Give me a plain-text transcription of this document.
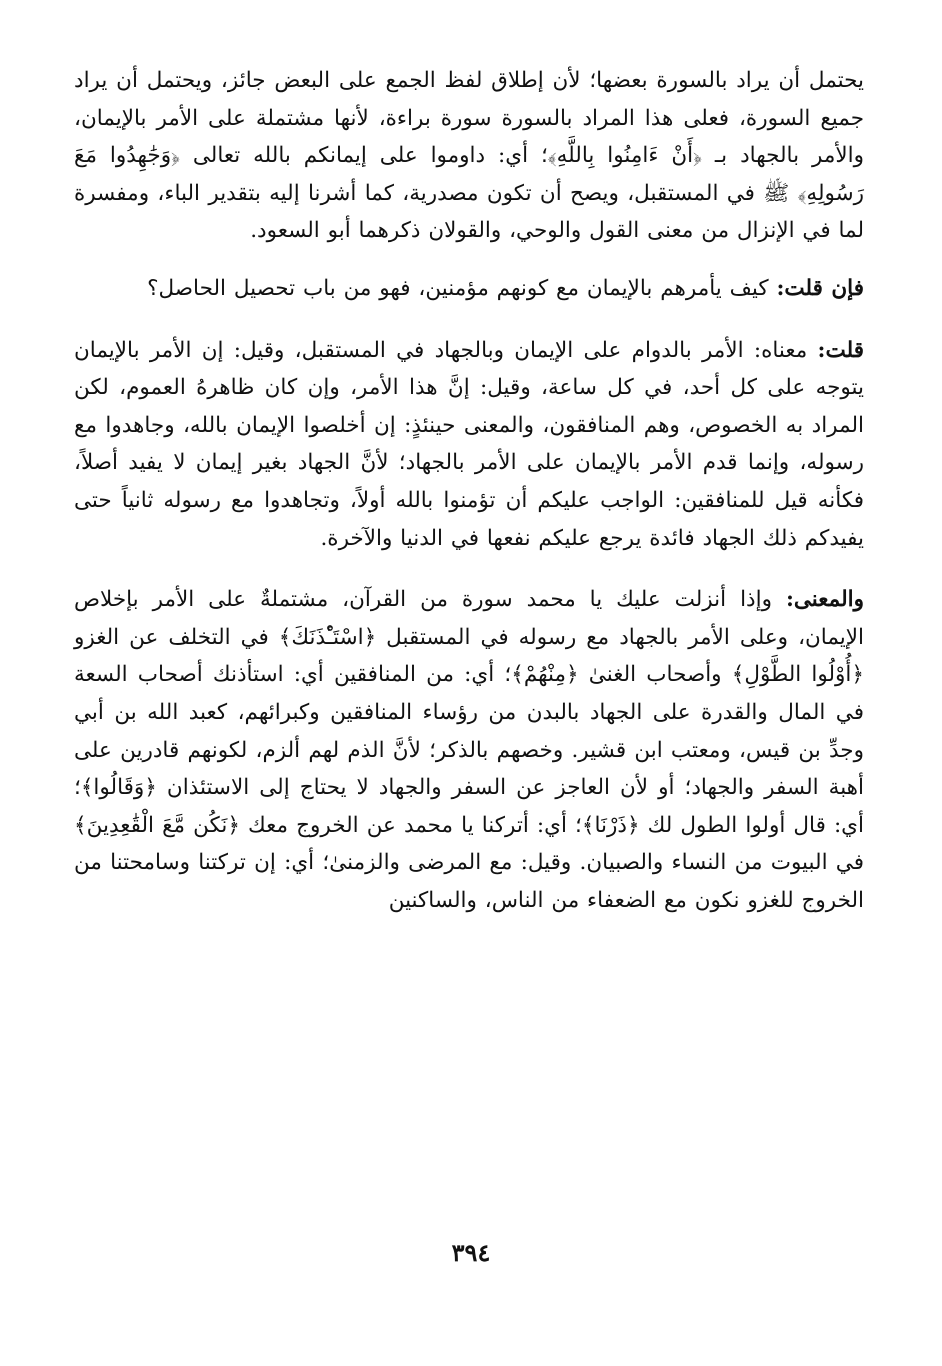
يحتمل أن يراد بالسورة بعضها؛ لأن إطلاق لفظ الجمع على البعض جائز، ويحتمل أن يراد جميع السورة، فعلى هذا المراد بالسورة سورة براءة، لأنها مشتملة على الأمر بالإيمان، والأمر بالجهاد بـ ﴿أَنْ ءَامِنُوا بِاللَّهِ﴾؛ أي: داوموا على إيمانكم بالله تعالى ﴿وَجَٰهِدُوا مَعَ رَسُولِهِ﴾ ﷺ في المستقبل، ويصح أن تكون مصدرية، كما أشرنا إليه بتقدير الباء، ومفسرة لما في الإنزال من معنى القول والوحي، والقولان ذكرهما أبو السعود.

فإن قلت: كيف يأمرهم بالإيمان مع كونهم مؤمنين، فهو من باب تحصيل الحاصل؟

قلت: معناه: الأمر بالدوام على الإيمان وبالجهاد في المستقبل، وقيل: إن الأمر بالإيمان يتوجه على كل أحد، في كل ساعة، وقيل: إنَّ هذا الأمر، وإن كان ظاهرهُ العموم، لكن المراد به الخصوص، وهم المنافقون، والمعنى حينئذٍ: إن أخلصوا الإيمان بالله، وجاهدوا مع رسوله، وإنما قدم الأمر بالإيمان على الأمر بالجهاد؛ لأنَّ الجهاد بغير إيمان لا يفيد أصلاً، فكأنه قيل للمنافقين: الواجب عليكم أن تؤمنوا بالله أولاً، وتجاهدوا مع رسوله ثانياً حتى يفيدكم ذلك الجهاد فائدة يرجع عليكم نفعها في الدنيا والآخرة.

والمعنى: وإذا أنزلت عليك يا محمد سورة من القرآن، مشتملةٌ على الأمر بإخلاص الإيمان، وعلى الأمر بالجهاد مع رسوله في المستقبل ﴿اسْتَـْٔذَنَكَ﴾ في التخلف عن الغزو ﴿أُوْلُوا الطَّوْلِ﴾ وأصحاب الغنىٰ ﴿مِنْهُمْ﴾؛ أي: من المنافقين أي: استأذنك أصحاب السعة في المال والقدرة على الجهاد بالبدن من رؤساء المنافقين وكبرائهم، كعبد الله بن أبي وجدِّ بن قيس، ومعتب ابن قشير. وخصهم بالذكر؛ لأنَّ الذم لهم ألزم، لكونهم قادرين على أهبة السفر والجهاد؛ أو لأن العاجز عن السفر والجهاد لا يحتاج إلى الاستئذان ﴿وَقَالُوا﴾؛ أي: قال أولوا الطول لك ﴿ذَرْنَا﴾؛ أي: أتركنا يا محمد عن الخروج معك ﴿نَكُن مَّعَ الْقَٰعِدِينَ﴾ في البيوت من النساء والصبيان. وقيل: مع المرضى والزمنىٰ؛ أي: إن تركتنا وسامحتنا من الخروج للغزو نكون مع الضعفاء من الناس، والساكنين

٣٩٤
